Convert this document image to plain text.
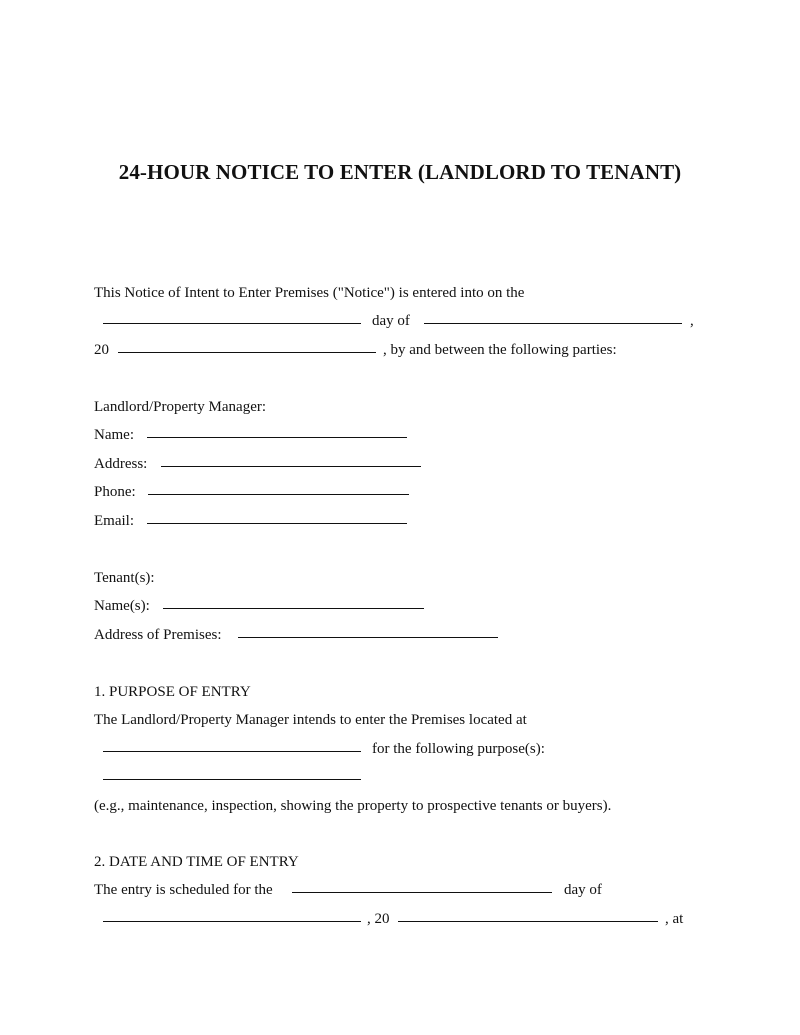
24-HOUR NOTICE TO ENTER (LANDLORD TO TENANT)
This Notice of Intent to Enter Premises ("Notice") is entered into on the
day of	,
20	, by and between the following parties:
Landlord/Property Manager:
Name:
Address:
Phone:
Email:
Tenant(s):
Name(s):
Address of Premises:
1. PURPOSE OF ENTRY
The Landlord/Property Manager intends to enter the Premises located at
for the following purpose(s):
(e.g., maintenance, inspection, showing the property to prospective tenants or buyers).
2. DATE AND TIME OF ENTRY
The entry is scheduled for the	day of
, 20	, at
